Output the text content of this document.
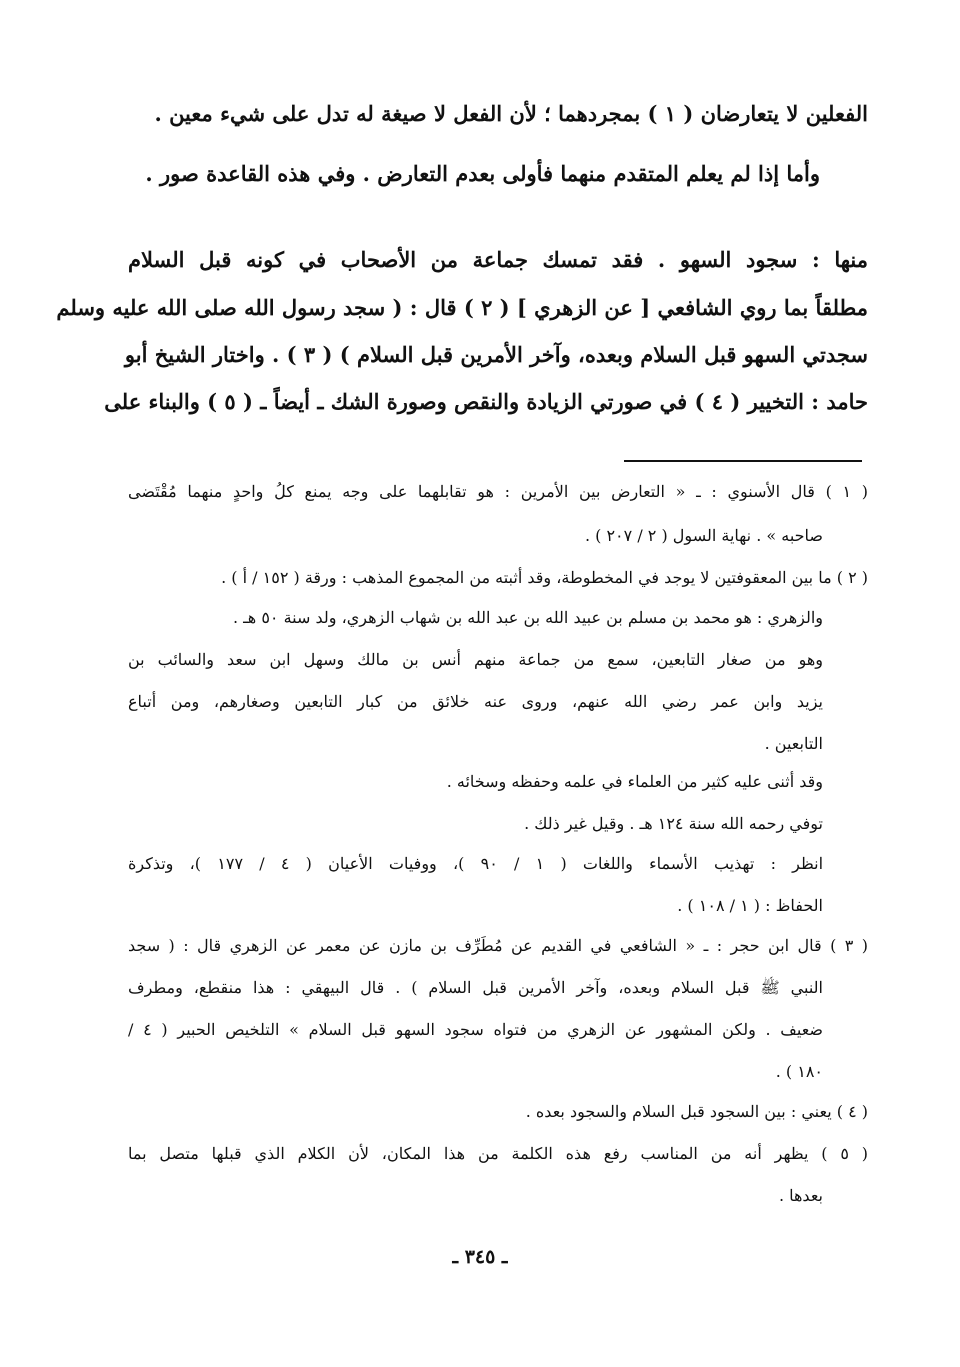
الفعلين لا يتعارضان ( ١ ) بمجردهما ؛ لأن الفعل لا صيغة له تدل على شيء معين .
وأما إذا لم يعلم المتقدم منهما فأولى بعدم التعارض . وفي هذه القاعدة صور .
منها : سجود السهو . فقد تمسك جماعة من الأصحاب في كونه قبل السلام
مطلقاً بما روي الشافعي [ عن الزهري ] ( ٢ ) قال : ( سجد رسول الله صلى الله عليه وسلم
سجدتي السهو قبل السلام وبعده، وآخر الأمرين قبل السلام ) ( ٣ ) . واختار الشيخ أبو
حامد : التخيير ( ٤ ) في صورتي الزيادة والنقص وصورة الشك ـ أيضاً ـ ( ٥ ) والبناء على
( ١ ) قال الأسنوي : ـ « التعارض بين الأمرين : هو تقابلهما على وجه يمنع كلُ واحدٍ منهما مُقْتَضى
صاحبه » . نهاية السول ( ٢ / ٢٠٧ ) .
( ٢ ) ما بين المعقوفتين لا يوجد في المخطوطة، وقد أثبته من المجموع المذهب : ورقة ( ١٥٢ / أ ) .
والزهري : هو محمد بن مسلم بن عبيد الله بن عبد الله بن شهاب الزهري، ولد سنة ٥٠ هـ .
وهو من صغار التابعين، سمع من جماعة منهم أنس بن مالك وسهل ابن سعد والسائب بن
يزيد وابن عمر رضي الله عنهم، وروى عنه خلائق من كبار التابعين وصغارهم، ومن أتباع
التابعين .
وقد أثنى عليه كثير من العلماء في علمه وحفظه وسخائه .
توفي رحمه الله سنة ١٢٤ هـ . وقيل غير ذلك .
انظر : تهذيب الأسماء واللغات ( ١ / ٩٠ )، ووفيات الأعيان ( ٤ / ١٧٧ )، وتذكرة
الحفاظ : ( ١ / ١٠٨ ) .
( ٣ ) قال ابن حجر : ـ « الشافعي في القديم عن مُطَرِّف بن مازن عن معمر عن الزهري قال : ( سجد
النبي ﷺ قبل السلام وبعده، وآخر الأمرين قبل السلام ) . قال البيهقي : هذا منقطع، ومطرف
ضعيف . ولكن المشهور عن الزهري من فتواه سجود السهو قبل السلام » التلخيص الحبير ( ٤ /
١٨٠ ) .
( ٤ ) يعني : بين السجود قبل السلام والسجود بعده .
( ٥ ) يظهر أنه من المناسب رفع هذه الكلمة من هذا المكان، لأن الكلام الذي قبلها متصل بما
بعدها .
ـ ٣٤٥ ـ
